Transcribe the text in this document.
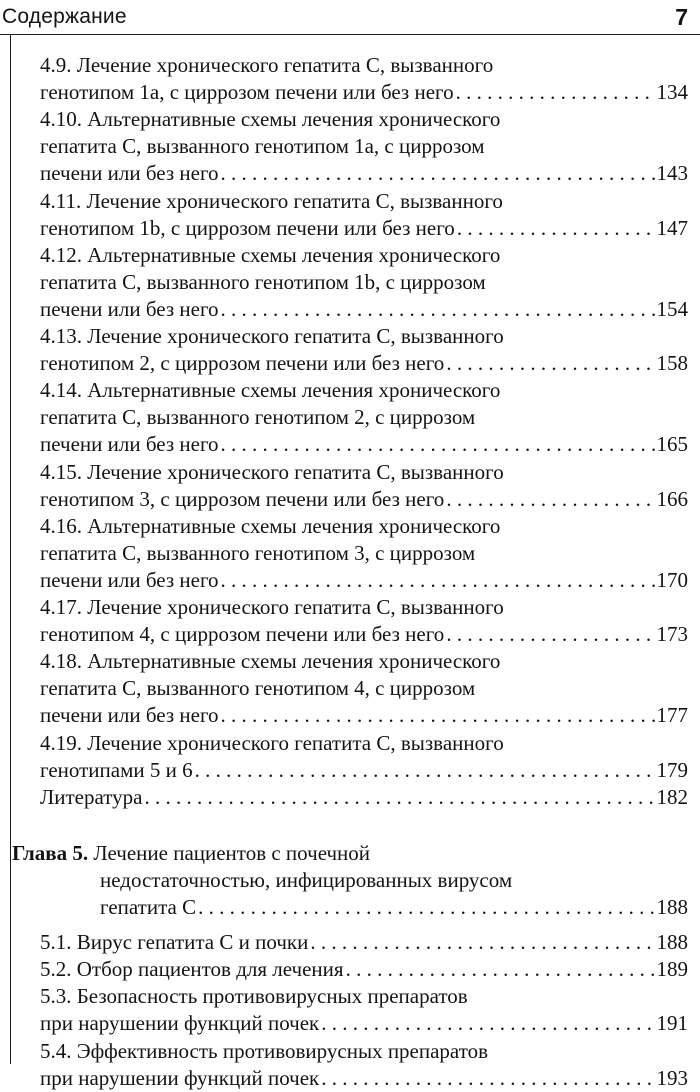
Содержание	7
4.9. Лечение хронического гепатита С, вызванного
генотипом 1а, с циррозом печени или без него . . .	134
4.10. Альтернативные схемы лечения хронического
гепатита С, вызванного генотипом 1а, с циррозом
печени или без него . . .	143
4.11. Лечение хронического гепатита С, вызванного
генотипом 1b, с циррозом печени или без него . . .	147
4.12. Альтернативные схемы лечения хронического
гепатита С, вызванного генотипом 1b, с циррозом
печени или без него . . .	154
4.13. Лечение хронического гепатита С, вызванного
генотипом 2, с циррозом печени или без него . . .	158
4.14. Альтернативные схемы лечения хронического
гепатита С, вызванного генотипом 2, с циррозом
печени или без него . . .	165
4.15. Лечение хронического гепатита С, вызванного
генотипом 3, с циррозом печени или без него . . .	166
4.16. Альтернативные схемы лечения хронического
гепатита С, вызванного генотипом 3, с циррозом
печени или без него . . .	170
4.17. Лечение хронического гепатита С, вызванного
генотипом 4, с циррозом печени или без него . . .	173
4.18. Альтернативные схемы лечения хронического
гепатита С, вызванного генотипом 4, с циррозом
печени или без него . . .	177
4.19. Лечение хронического гепатита С, вызванного
генотипами 5 и 6 . . .	179
Литература . . .	182
Глава 5. Лечение пациентов с почечной
недостаточностью, инфицированных вирусом
гепатита С . . .	188
5.1. Вирус гепатита С и почки . . .	188
5.2. Отбор пациентов для лечения . . .	189
5.3. Безопасность противовирусных препаратов
при нарушении функций почек . . .	191
5.4. Эффективность противовирусных препаратов
при нарушении функций почек . . .	193
